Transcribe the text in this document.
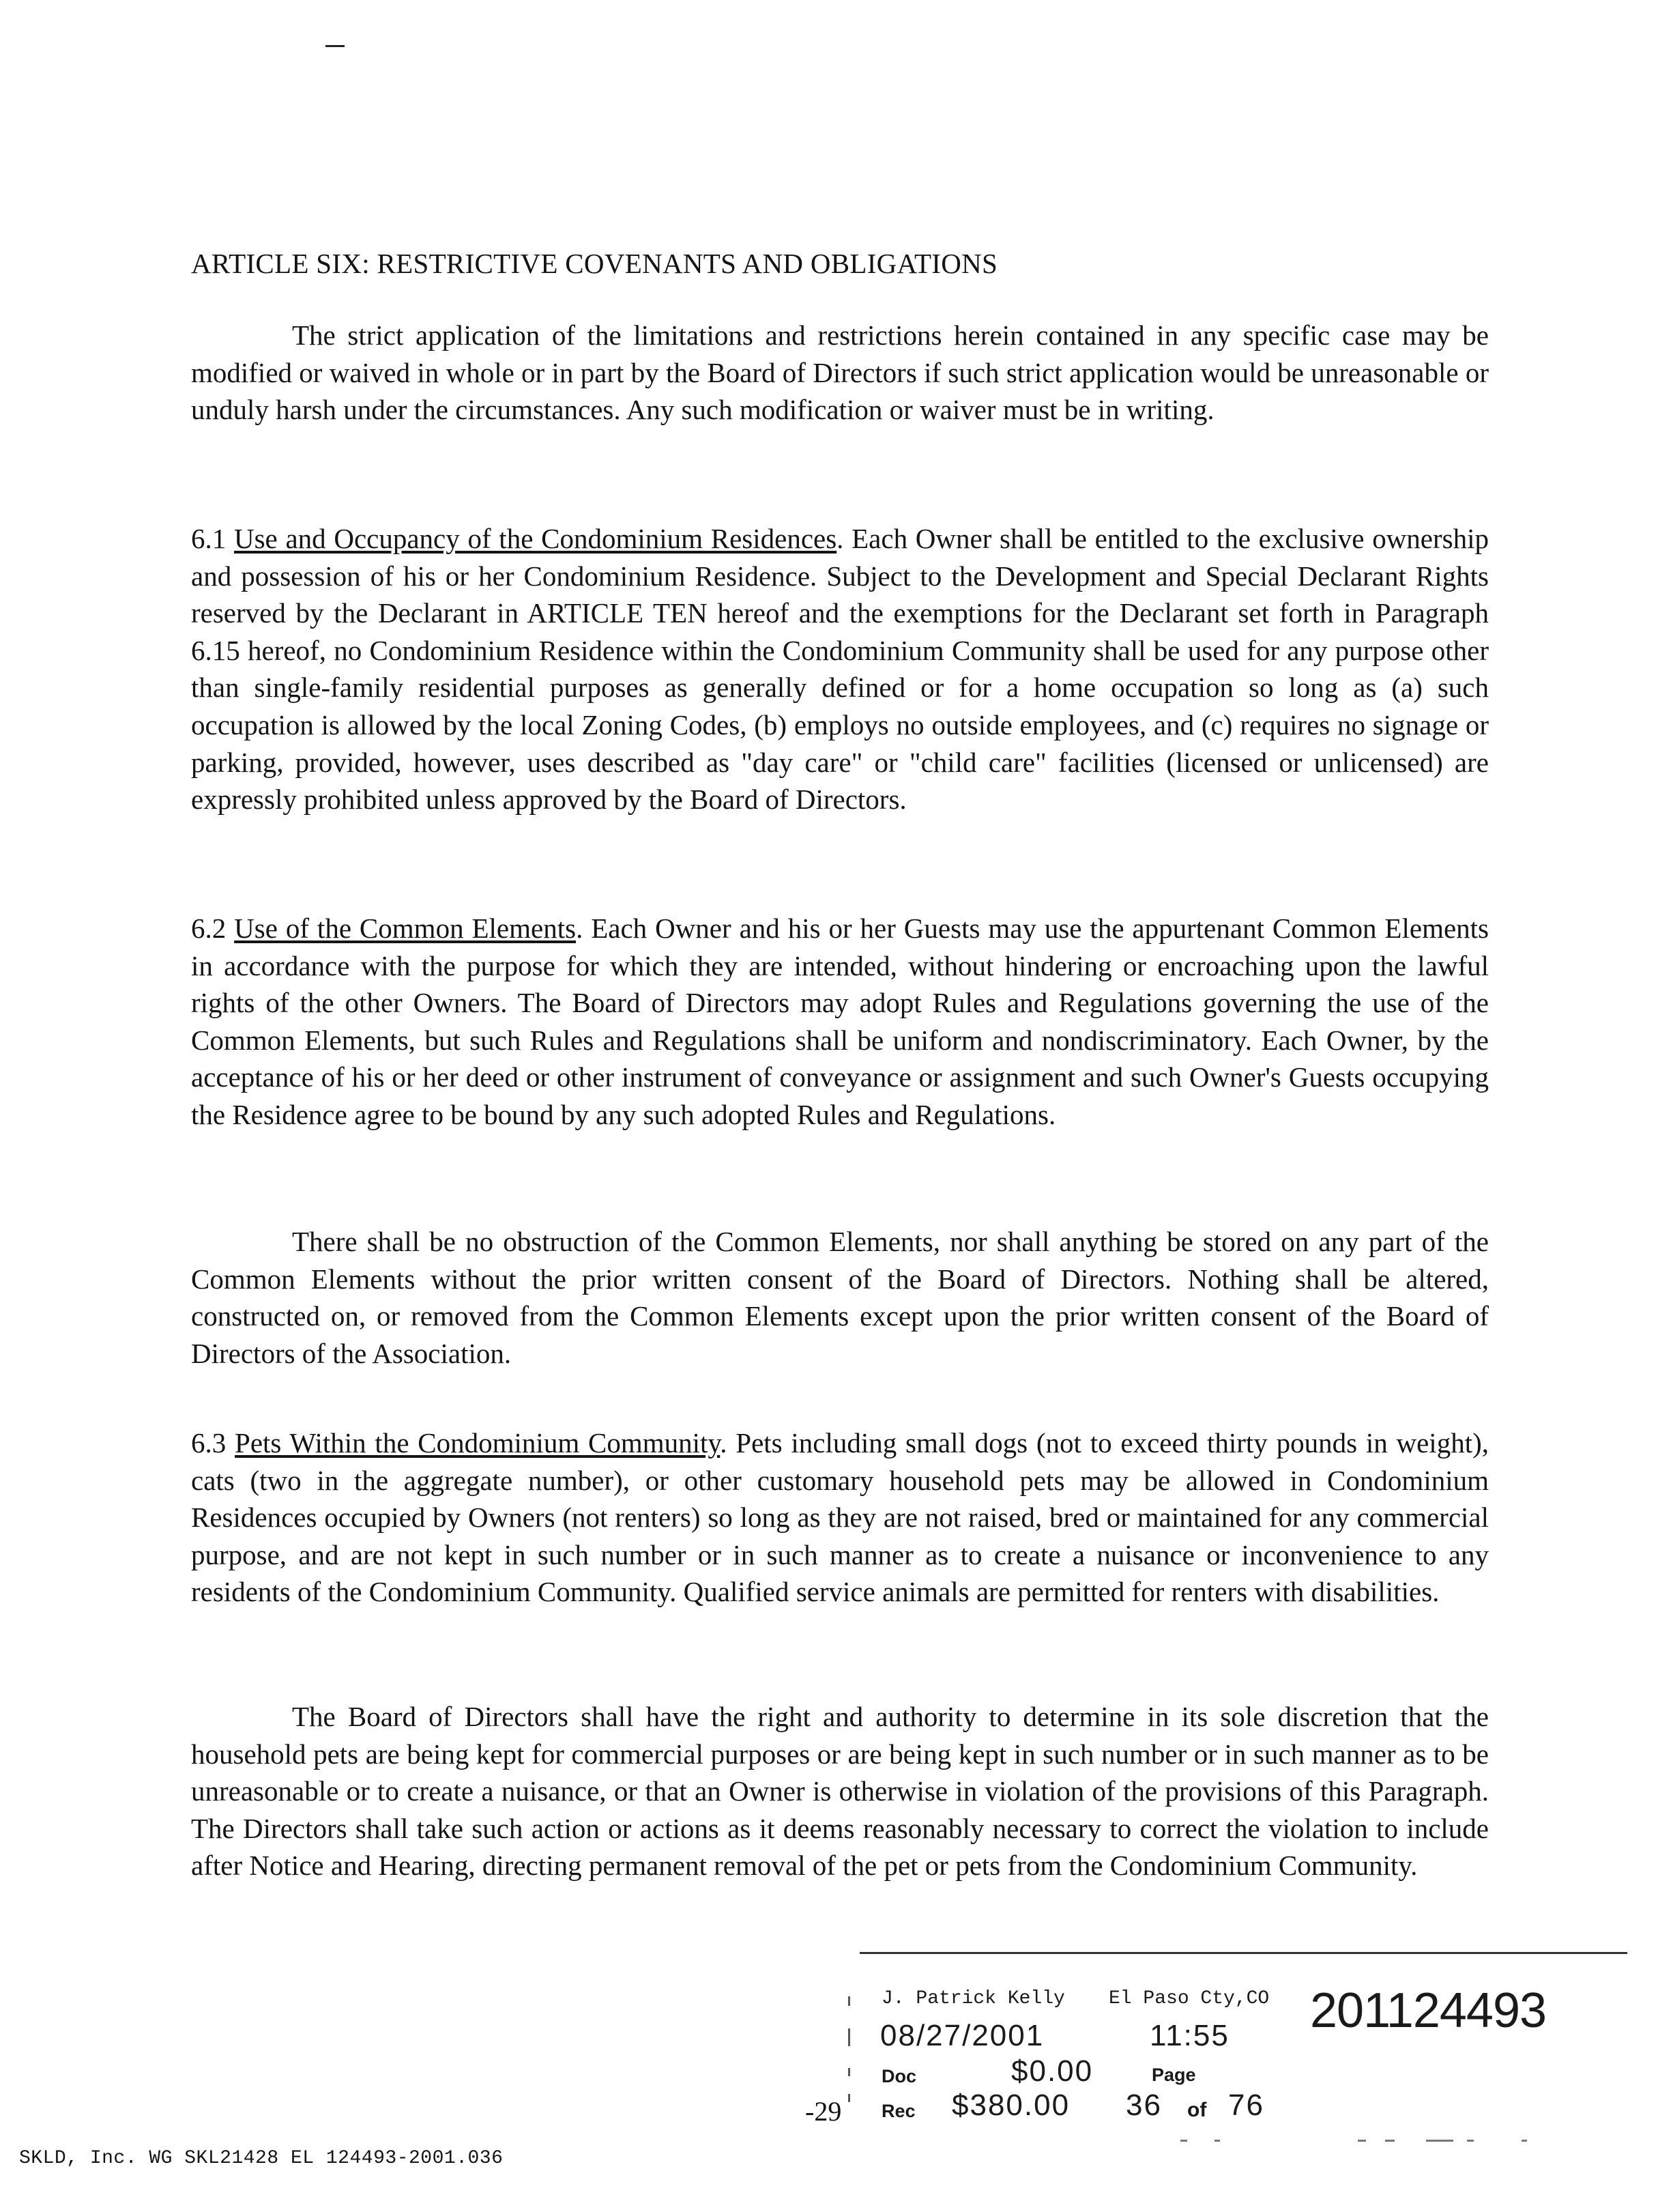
ARTICLE SIX: RESTRICTIVE COVENANTS AND OBLIGATIONS

The strict application of the limitations and restrictions herein contained in any specific case may be modified or waived in whole or in part by the Board of Directors if such strict application would be unreasonable or unduly harsh under the circumstances. Any such modification or waiver must be in writing.

6.1 Use and Occupancy of the Condominium Residences. Each Owner shall be entitled to the exclusive ownership and possession of his or her Condominium Residence. Subject to the Development and Special Declarant Rights reserved by the Declarant in ARTICLE TEN hereof and the exemptions for the Declarant set forth in Paragraph 6.15 hereof, no Condominium Residence within the Condominium Community shall be used for any purpose other than single-family residential purposes as generally defined or for a home occupation so long as (a) such occupation is allowed by the local Zoning Codes, (b) employs no outside employees, and (c) requires no signage or parking, provided, however, uses described as "day care" or "child care" facilities (licensed or unlicensed) are expressly prohibited unless approved by the Board of Directors.

6.2 Use of the Common Elements. Each Owner and his or her Guests may use the appurtenant Common Elements in accordance with the purpose for which they are intended, without hindering or encroaching upon the lawful rights of the other Owners. The Board of Directors may adopt Rules and Regulations governing the use of the Common Elements, but such Rules and Regulations shall be uniform and nondiscriminatory. Each Owner, by the acceptance of his or her deed or other instrument of conveyance or assignment and such Owner's Guests occupying the Residence agree to be bound by any such adopted Rules and Regulations.

There shall be no obstruction of the Common Elements, nor shall anything be stored on any part of the Common Elements without the prior written consent of the Board of Directors. Nothing shall be altered, constructed on, or removed from the Common Elements except upon the prior written consent of the Board of Directors of the Association.

6.3 Pets Within the Condominium Community. Pets including small dogs (not to exceed thirty pounds in weight), cats (two in the aggregate number), or other customary household pets may be allowed in Condominium Residences occupied by Owners (not renters) so long as they are not raised, bred or maintained for any commercial purpose, and are not kept in such number or in such manner as to create a nuisance or inconvenience to any residents of the Condominium Community. Qualified service animals are permitted for renters with disabilities.

The Board of Directors shall have the right and authority to determine in its sole discretion that the household pets are being kept for commercial purposes or are being kept in such number or in such manner as to be unreasonable or to create a nuisance, or that an Owner is otherwise in violation of the provisions of this Paragraph. The Directors shall take such action or actions as it deems reasonably necessary to correct the violation to include after Notice and Hearing, directing permanent removal of the pet or pets from the Condominium Community.

J. Patrick Kelly El Paso Cty,CO 201124493
08/27/2001	11:55
Doc	$0.00	Page
-29 Rec $380.00 36 of 76
SKLD, Inc. WG SKL21428 EL 124493-2001.036
